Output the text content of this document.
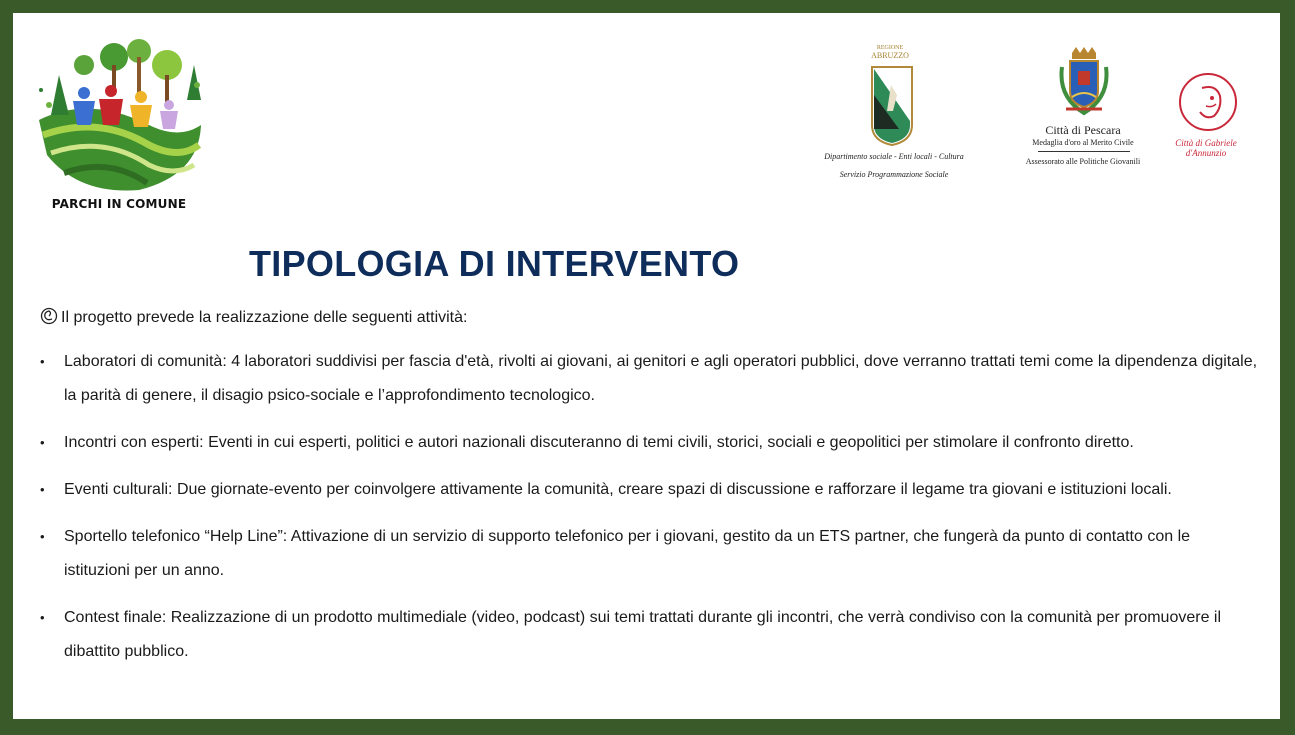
PARCHI IN COMUNE
REGIONE
ABRUZZO
Dipartimento sociale - Enti locali - Cultura
Servizio Programmazione Sociale
Città di Pescara
Medaglia d'oro al Merito Civile
Assessorato alle Politiche Giovanili
Città di Gabriele d'Annunzio
TIPOLOGIA DI INTERVENTO
Il progetto prevede la realizzazione delle seguenti attività:
• Laboratori di comunità: 4 laboratori suddivisi per fascia d'età, rivolti ai giovani, ai genitori e agli operatori pubblici, dove verranno trattati temi come la dipendenza digitale, la parità di genere, il disagio psico-sociale e l’approfondimento tecnologico.
• Incontri con esperti: Eventi in cui esperti, politici e autori nazionali discuteranno di temi civili, storici, sociali e geopolitici per stimolare il confronto diretto.
• Eventi culturali: Due giornate-evento per coinvolgere attivamente la comunità, creare spazi di discussione e rafforzare il legame tra giovani e istituzioni locali.
• Sportello telefonico “Help Line”: Attivazione di un servizio di supporto telefonico per i giovani, gestito da un ETS partner, che fungerà da punto di contatto con le istituzioni per un anno.
• Contest finale: Realizzazione di un prodotto multimediale (video, podcast) sui temi trattati durante gli incontri, che verrà condiviso con la comunità per promuovere il dibattito pubblico.
